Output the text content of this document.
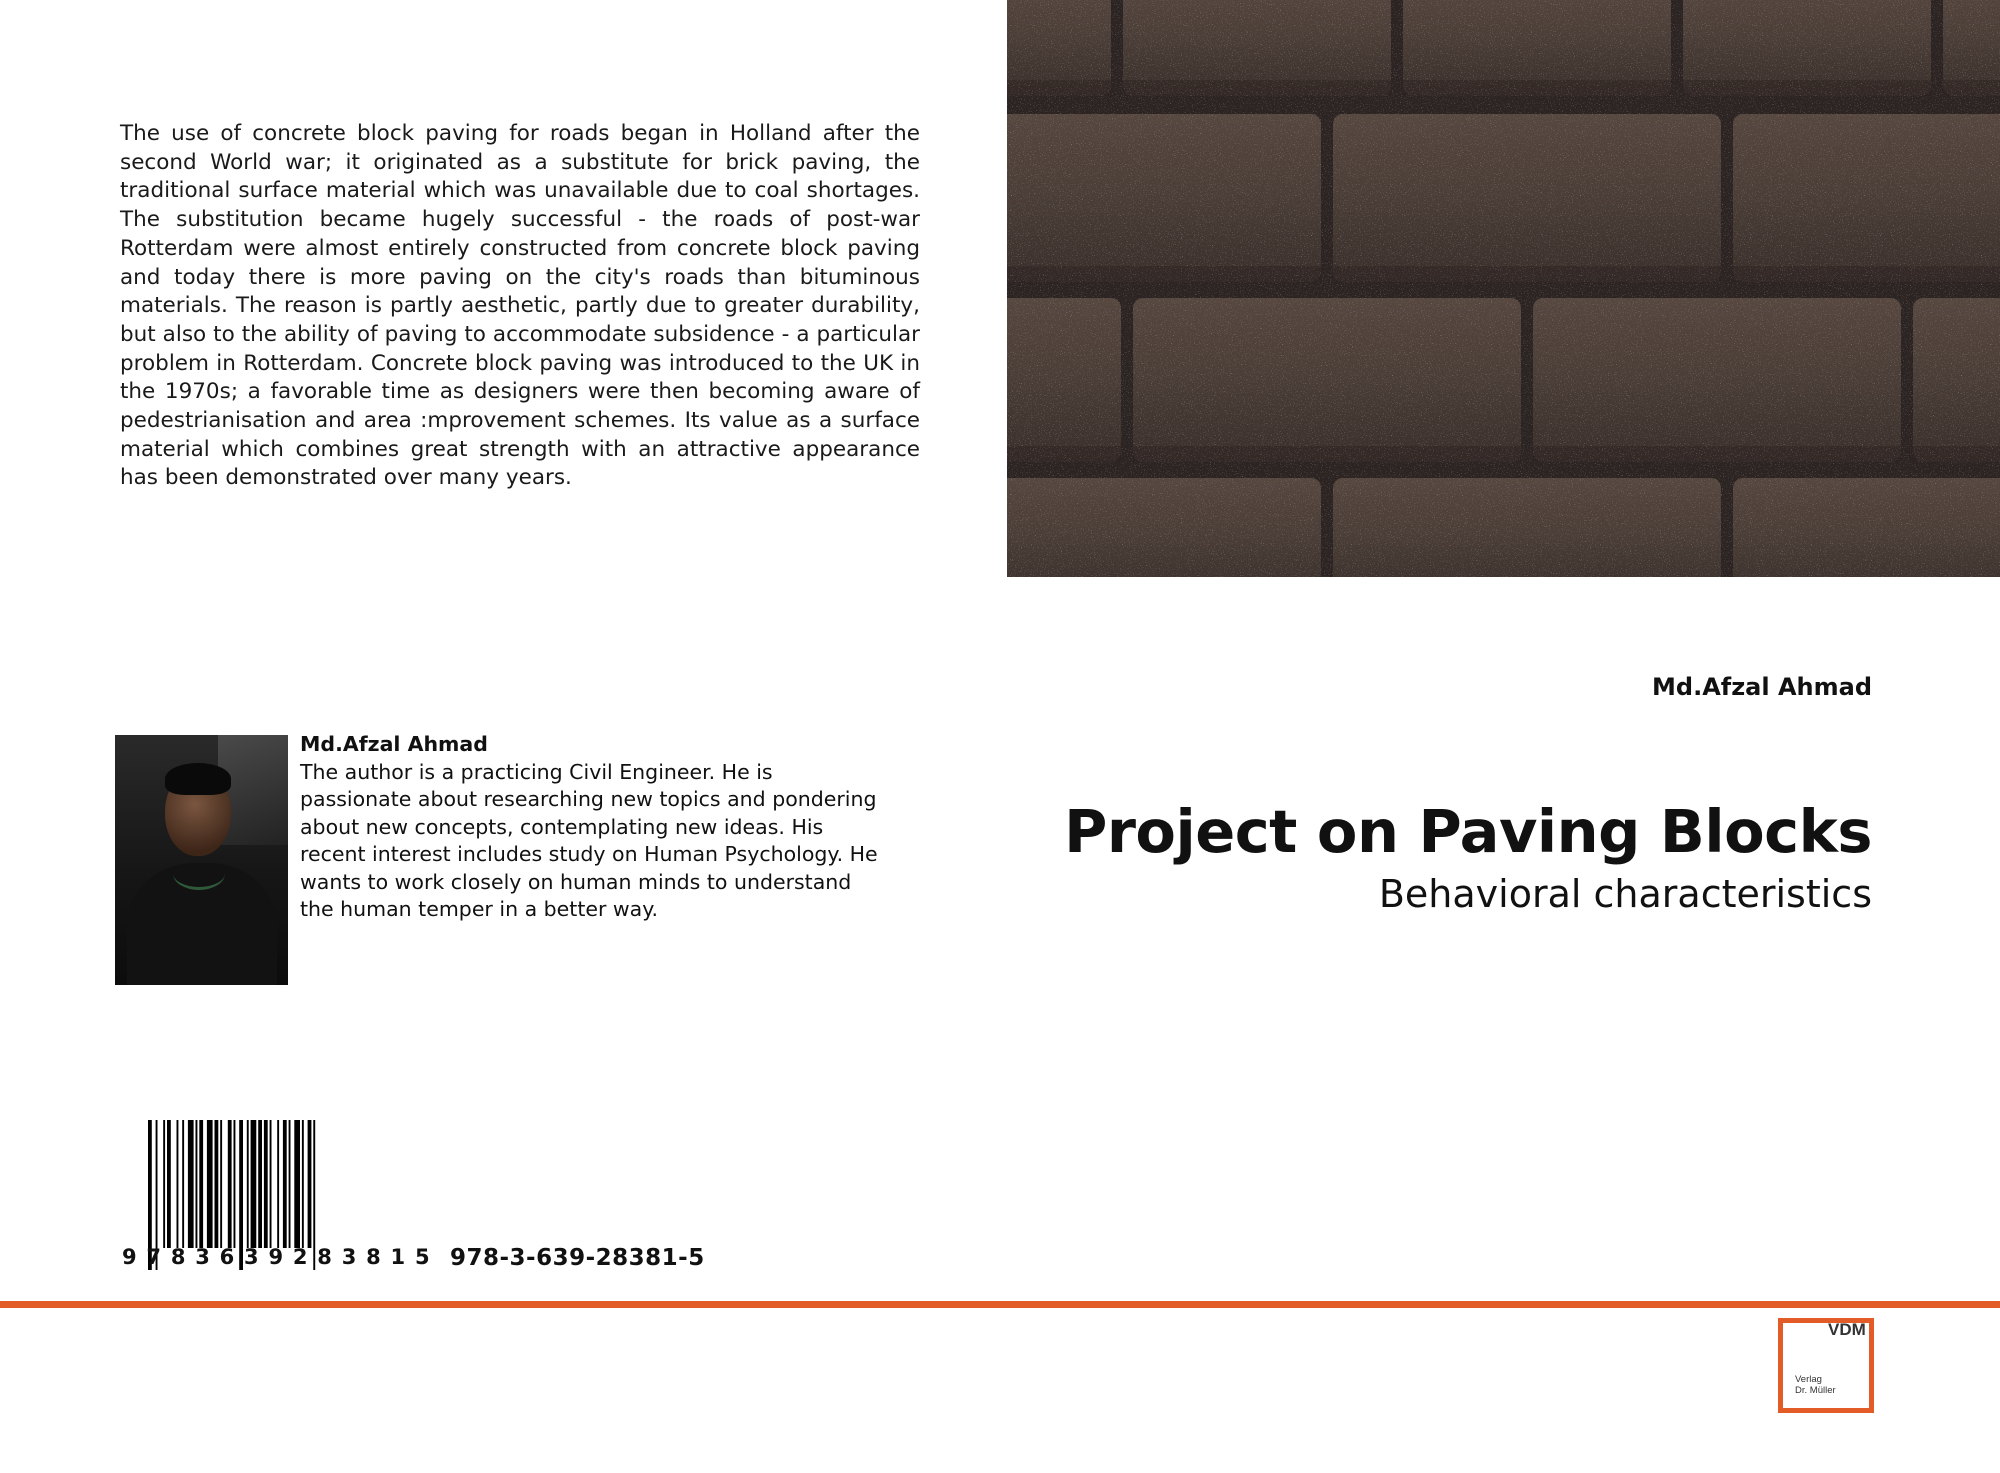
The use of concrete block paving for roads began in Holland after the second World war; it originated as a substitute for brick paving, the traditional surface material which was unavailable due to coal shortages. The substitution became hugely successful - the roads of post-war Rotterdam were almost entirely constructed from concrete block paving and today there is more paving on the city's roads than bituminous materials. The reason is partly aesthetic, partly due to greater durability, but also to the ability of paving to accommodate subsidence - a particular problem in Rotterdam. Concrete block paving was introduced to the UK in the 1970s; a favorable time as designers were then becoming aware of pedestrianisation and area :mprovement schemes. Its value as a surface material which combines great strength with an attractive appearance has been demonstrated over many years.

Md.Afzal Ahmad
The author is a practicing Civil Engineer. He is passionate about researching new topics and pondering about new concepts, contemplating new ideas. His recent interest includes study on Human Psychology. He wants to work closely on human minds to understand the human temper in a better way.
9783639283815 978-3-639-28381-5
Md.Afzal Ahmad
Project on Paving Blocks
Behavioral characteristics
VDM
Verlag
Dr. Müller
